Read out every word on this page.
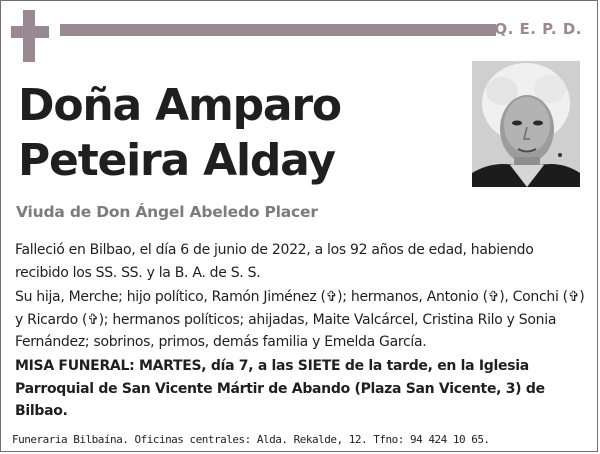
Q. E. P. D.
Doña Amparo
Peteira Alday
Viuda de Don Ángel Abeledo Placer

Falleció en Bilbao, el día 6 de junio de 2022, a los 92 años de edad, habiendo recibido los SS. SS. y la B. A. de S. S.

Su hija, Merche; hijo político, Ramón Jiménez (✞); hermanos, Antonio (✞), Conchi (✞) y Ricardo (✞); hermanos políticos; ahijadas, Maite Valcárcel, Cristina Rilo y Sonia Fernández; sobrinos, primos, demás familia y Emelda García.

MISA FUNERAL: MARTES, día 7, a las SIETE de la tarde, en la Iglesia Parroquial de San Vicente Mártir de Abando (Plaza San Vicente, 3) de Bilbao.

Funeraria Bilbaína. Oficinas centrales: Alda. Rekalde, 12. Tfno: 94 424 10 65.
